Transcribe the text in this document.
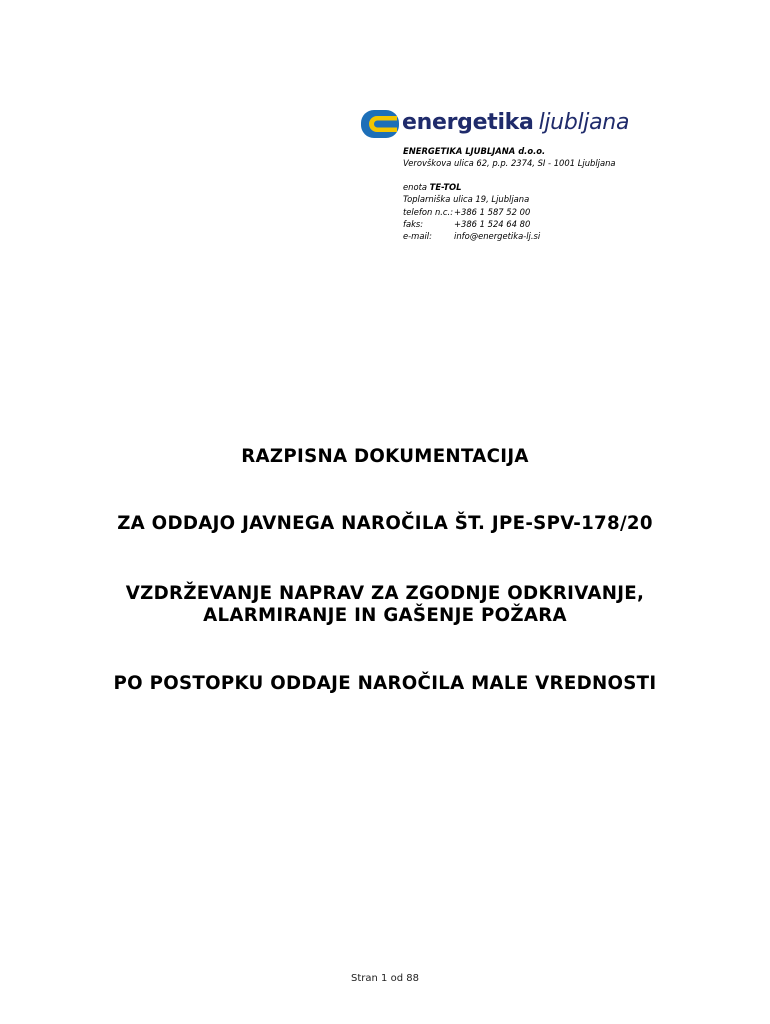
energetika ljubljana
ENERGETIKA LJUBLJANA d.o.o.
Verovškova ulica 62, p.p. 2374, SI - 1001 Ljubljana
enota TE-TOL
Toplarniška ulica 19, Ljubljana
telefon n.c.: +386 1 587 52 00
faks:	+386 1 524 64 80
e-mail:	info@energetika-lj.si
RAZPISNA DOKUMENTACIJA
ZA ODDAJO JAVNEGA NAROČILA ŠT. JPE-SPV-178/20
VZDRŽEVANJE NAPRAV ZA ZGODNJE ODKRIVANJE,
ALARMIRANJE IN GAŠENJE POŽARA
PO POSTOPKU ODDAJE NAROČILA MALE VREDNOSTI
Stran 1 od 88
